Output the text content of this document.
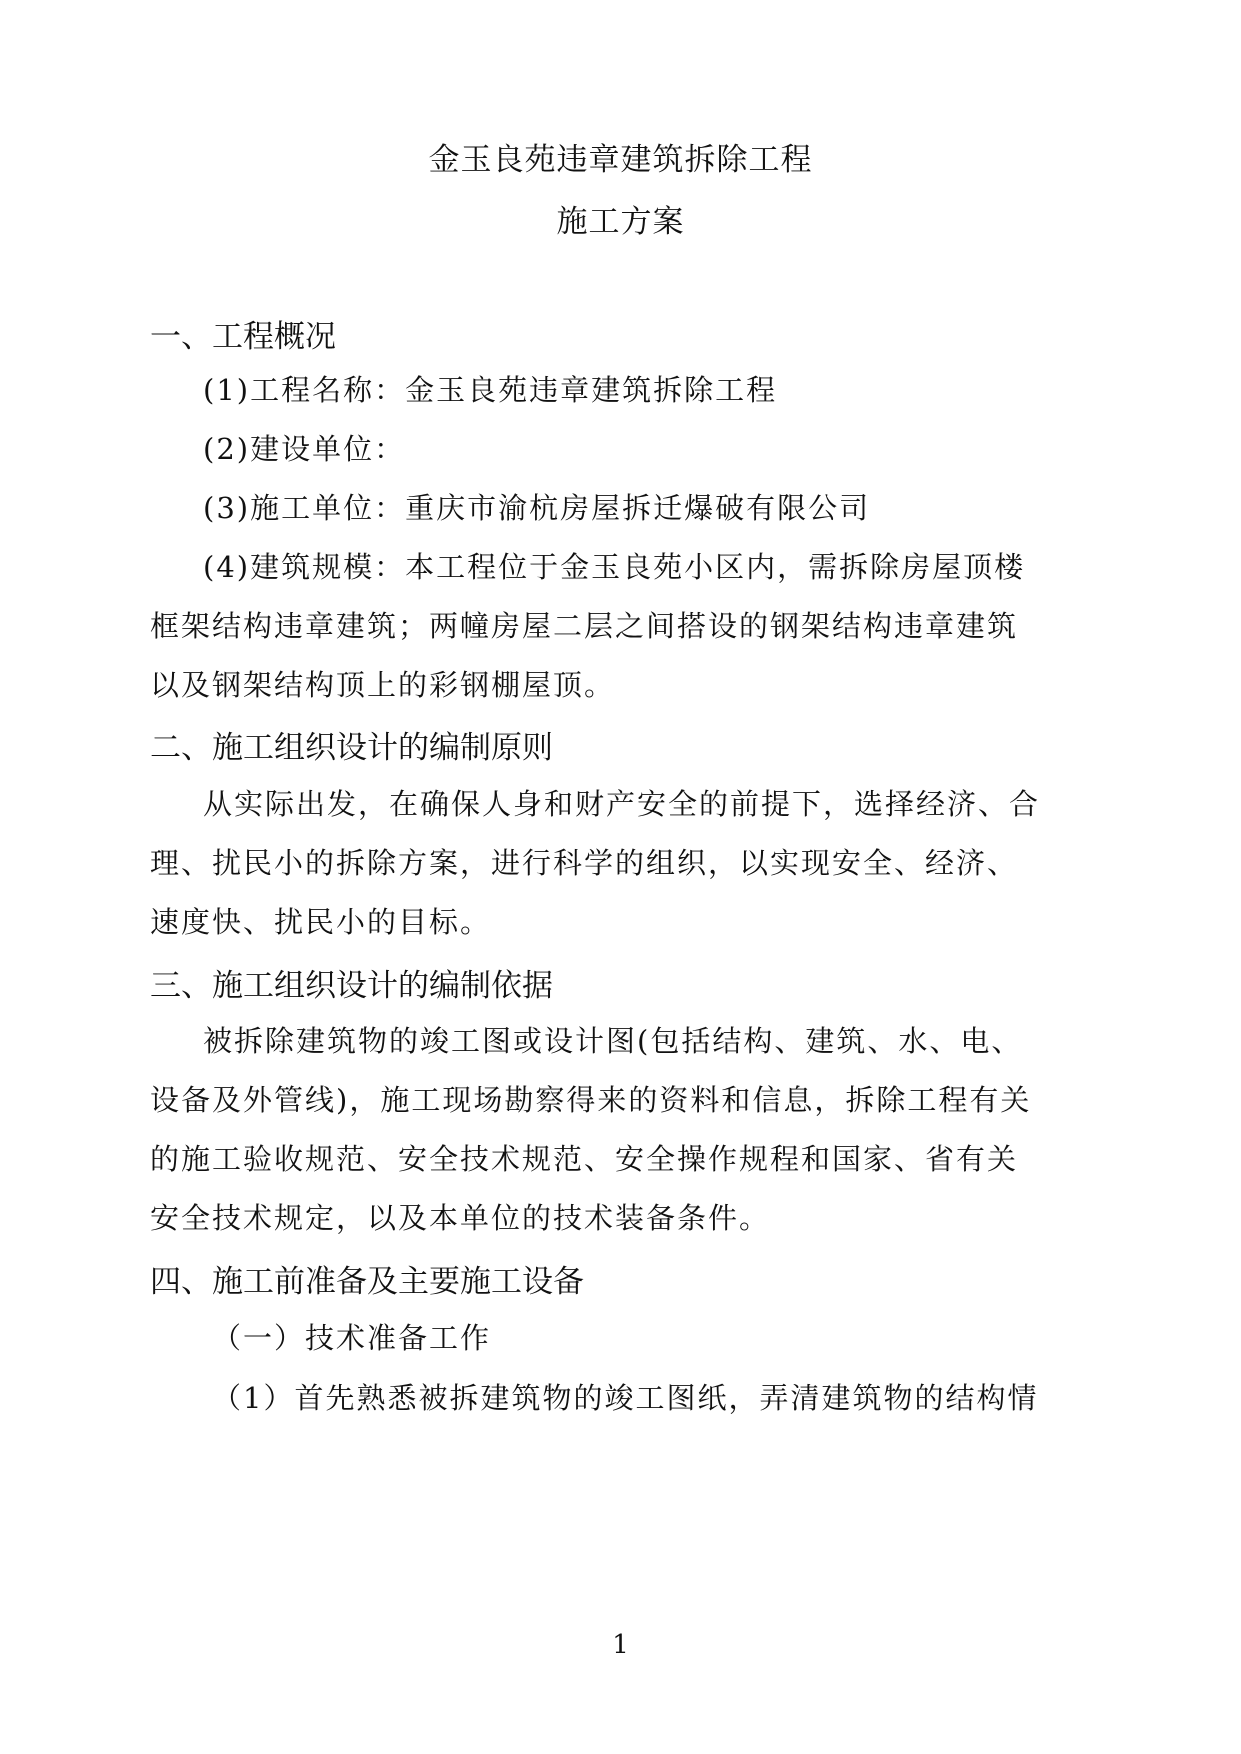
金玉良苑违章建筑拆除工程
施工方案
一、工程概况
(1)工程名称：金玉良苑违章建筑拆除工程
(2)建设单位：
(3)施工单位：重庆市渝杭房屋拆迁爆破有限公司
(4)建筑规模：本工程位于金玉良苑小区内，需拆除房屋顶楼
框架结构违章建筑；两幢房屋二层之间搭设的钢架结构违章建筑
以及钢架结构顶上的彩钢棚屋顶。
二、施工组织设计的编制原则
从实际出发，在确保人身和财产安全的前提下，选择经济、合
理、扰民小的拆除方案，进行科学的组织，以实现安全、经济、
速度快、扰民小的目标。
三、施工组织设计的编制依据
被拆除建筑物的竣工图或设计图(包括结构、建筑、水、电、
设备及外管线)，施工现场勘察得来的资料和信息，拆除工程有关
的施工验收规范、安全技术规范、安全操作规程和国家、省有关
安全技术规定，以及本单位的技术装备条件。
四、施工前准备及主要施工设备
（一）技术准备工作
（1）首先熟悉被拆建筑物的竣工图纸，弄清建筑物的结构情
1
